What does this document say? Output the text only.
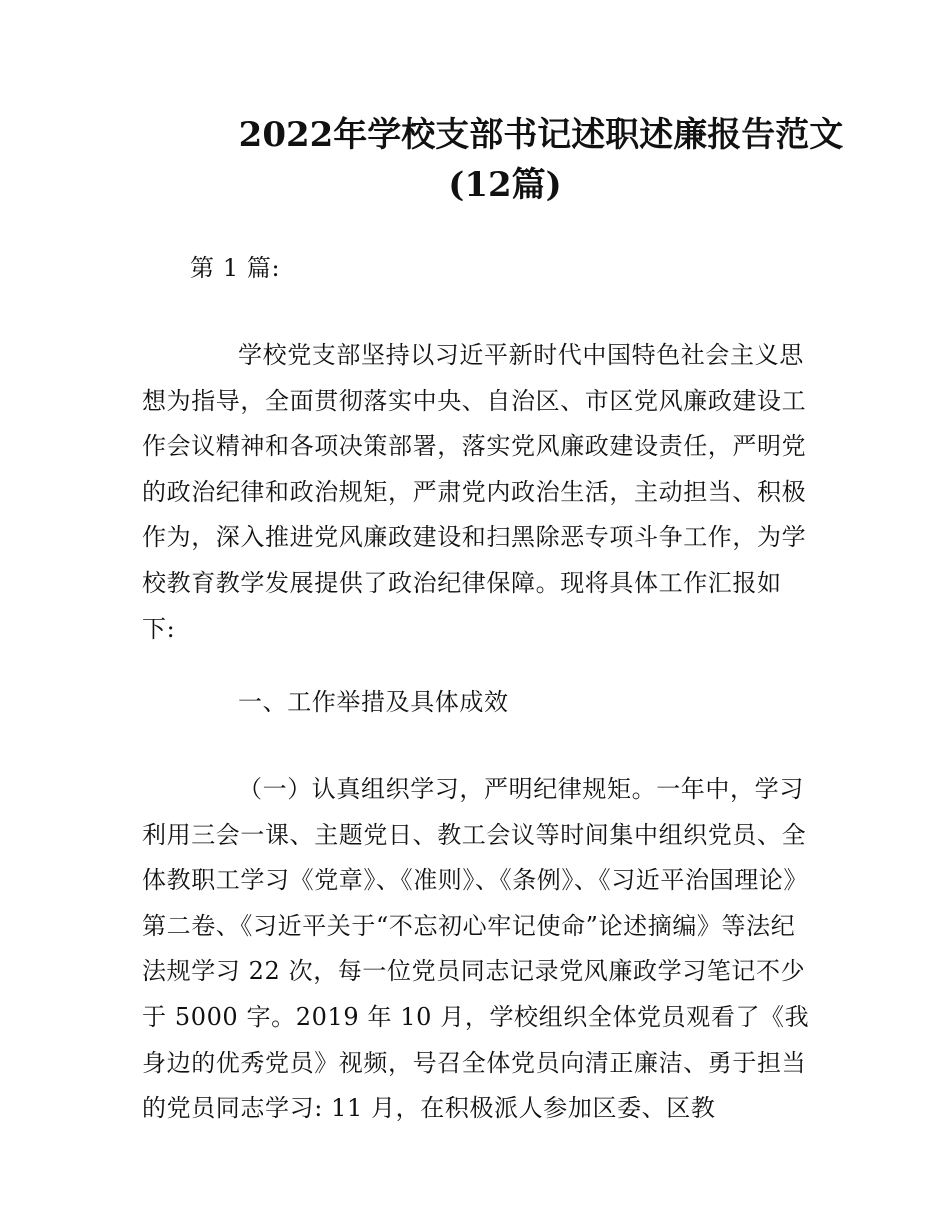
2022年学校支部书记述职述廉报告范文
(12篇)
第 1 篇:

学校党支部坚持以习近平新时代中国特色社会主义思想为指导，全面贯彻落实中央、自治区、市区党风廉政建设工作会议精神和各项决策部署，落实党风廉政建设责任，严明党的政治纪律和政治规矩，严肃党内政治生活，主动担当、积极作为，深入推进党风廉政建设和扫黑除恶专项斗争工作，为学校教育教学发展提供了政治纪律保障。现将具体工作汇报如下:

一、工作举措及具体成效

（一）认真组织学习，严明纪律规矩。一年中，学习利用三会一课、主题党日、教工会议等时间集中组织党员、全体教职工学习《党章》、《准则》、《条例》、《习近平治国理论》第二卷、《习近平关于“不忘初心牢记使命”论述摘编》等法纪法规学习 22 次，每一位党员同志记录党风廉政学习笔记不少于 5000 字。2019 年 10 月，学校组织全体党员观看了《我身边的优秀党员》视频，号召全体党员向清正廉洁、勇于担当的党员同志学习: 11 月，在积极派人参加区委、区教
